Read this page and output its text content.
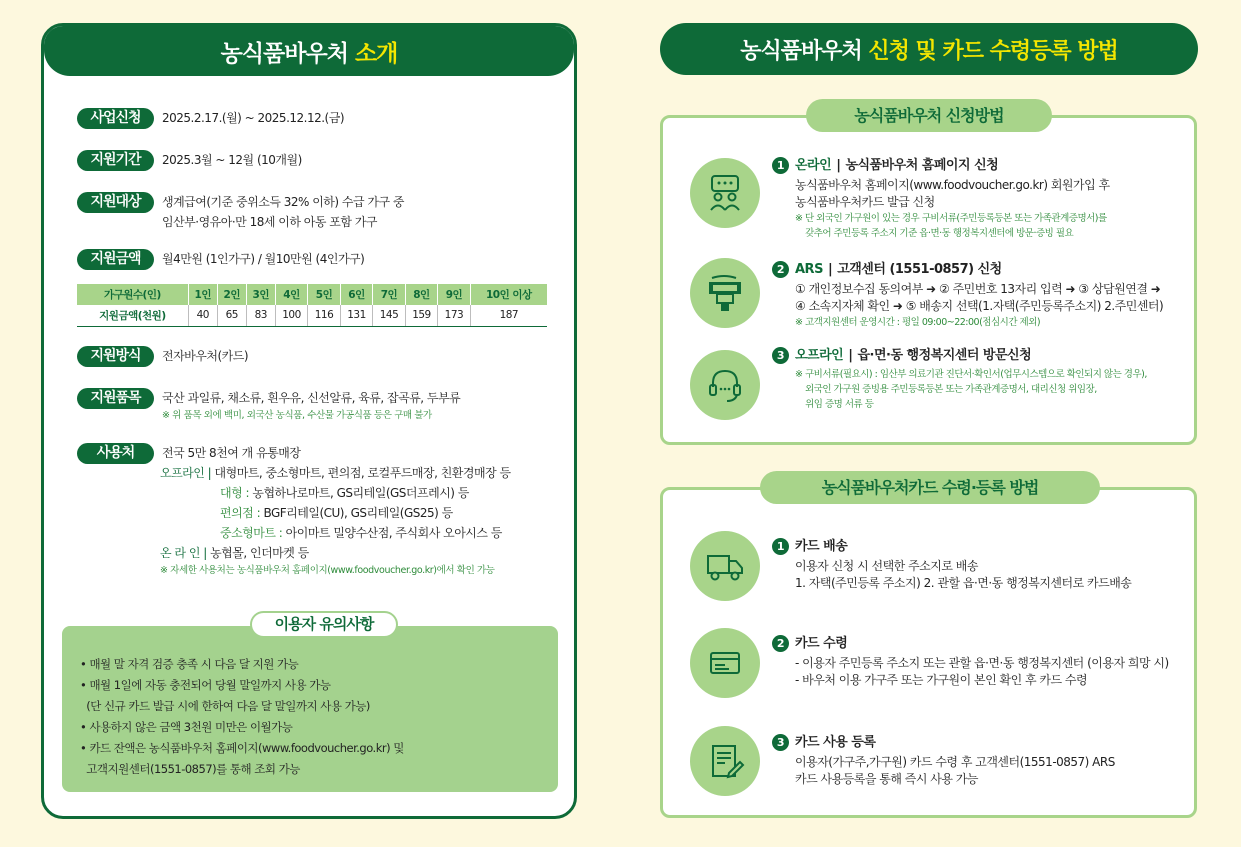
농식품바우처
소개
사업신청	2025.2.17.(월) ~ 2025.12.12.(금)
지원기간	2025.3월 ~ 12월 (10개월)
지원대상	생계급여(기준 중위소득 32% 이하) 수급 가구 중
임산부·영유아·만 18세 이하 아동 포함 가구
지원금액	월4만원 (1인가구) / 월10만원 (4인가구)
가구원수(인)	1인	2인	3인	4인	5인	6인	7인	8인	9인	10인 이상
지원금액(천원)	40	65	83	100	116	131	145	159	173	187
지원방식	전자바우처(카드)
지원품목	국산 과일류, 채소류, 흰우유, 신선알류, 육류, 잡곡류, 두부류
※ 위 품목 외에 백미, 외국산 농식품, 수산물 가공식품 등은 구매 불가
사용처	전국 5만 8천여 개 유통매장
오프라인 | 대형마트, 중소형마트, 편의점, 로컬푸드매장, 친환경매장 등
대형 : 농협하나로마트, GS리테일(GS더프레시) 등
편의점 : BGF리테일(CU), GS리테일(GS25) 등
중소형마트 : 아이마트 밀양수산점, 주식회사 오아시스 등
온 라 인 | 농협몰, 인더마켓 등
※ 자세한 사용처는 농식품바우처 홈페이지(www.foodvoucher.go.kr)에서 확인 가능
이용자 유의사항
• 매월 말 자격 검증 충족 시 다음 달 지원 가능
• 매월 1일에 자동 충전되어 당월 말일까지 사용 가능
(단 신규 카드 발급 시에 한하여 다음 달 말일까지 사용 가능)
• 사용하지 않은 금액 3천원 미만은 이월가능
• 카드 잔액은 농식품바우처 홈페이지(www.foodvoucher.go.kr) 및
고객지원센터(1551-0857)를 통해 조회 가능
농식품바우처
신청 및 카드 수령등록 방법
농식품바우처 신청방법
1 온라인 | 농식품바우처 홈페이지 신청
농식품바우처 홈페이지(www.foodvoucher.go.kr) 회원가입 후
농식품바우처카드 발급 신청
※ 단 외국인 가구원이 있는 경우 구비서류(주민등록등본 또는 가족관계증명서)를
갖추어 주민등록 주소지 기준 읍·면·동 행정복지센터에 방문·증빙 필요
2 ARS | 고객센터 (1551-0857) 신청
① 개인정보수집 동의여부 ➜ ② 주민번호 13자리 입력 ➜ ③ 상담원연결 ➜
④ 소속지자체 확인 ➜ ⑤ 배송지 선택(1.자택(주민등록주소지) 2.주민센터)
※ 고객지원센터 운영시간 : 평일 09:00~22:00(점심시간 제외)
3 오프라인 | 읍·면·동 행정복지센터 방문신청
※ 구비서류(필요시) : 임산부 의료기관 진단서·확인서(업무시스템으로 확인되지 않는 경우),
외국인 가구원 증빙용 주민등록등본 또는 가족관계증명서, 대리신청 위임장,
위임 증명 서류 등
농식품바우처카드 수령·등록 방법
1 카드 배송
이용자 신청 시 선택한 주소지로 배송
1. 자택(주민등록 주소지) 2. 관할 읍·면·동 행정복지센터로 카드배송
2 카드 수령
- 이용자 주민등록 주소지 또는 관할 읍·면·동 행정복지센터 (이용자 희망 시)
- 바우처 이용 가구주 또는 가구원이 본인 확인 후 카드 수령
3 카드 사용 등록
이용자(가구주,가구원) 카드 수령 후 고객센터(1551-0857) ARS
카드 사용등록을 통해 즉시 사용 가능
